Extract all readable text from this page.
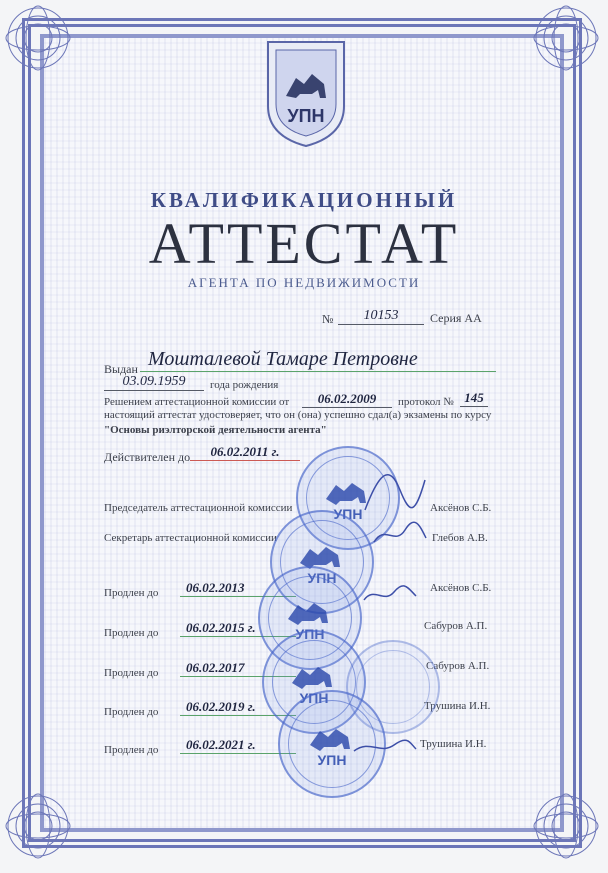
УПН
КВАЛИФИКАЦИОННЫЙ
АТТЕСТАТ
АГЕНТА ПО НЕДВИЖИМОСТИ
№	10153	Серия АА
Выдан Мошталевой Тамаре Петровне
03.09.1959	года рождения
Решением аттестационной комиссии от	06.02.2009	протокол № 145
настоящий аттестат удостоверяет, что он (она) успешно сдал(а) экзамены по курсу
"Основы риэлторской деятельности агента"
Действителен до	06.02.2011 г.
Председатель аттестационной комиссии	Аксёнов С.Б.
Секретарь аттестационной комиссии	Глебов А.В.
Продлен до	06.02.2013	Аксёнов С.Б.
Продлен до	06.02.2015 г.	Сабуров А.П.
Продлен до	06.02.2017	Сабуров А.П.
Продлен до	06.02.2019 г.	Трушина И.Н.
Продлен до	06.02.2021 г.	Трушина И.Н.
УПН
УПН
УПН
УПН
УПН
